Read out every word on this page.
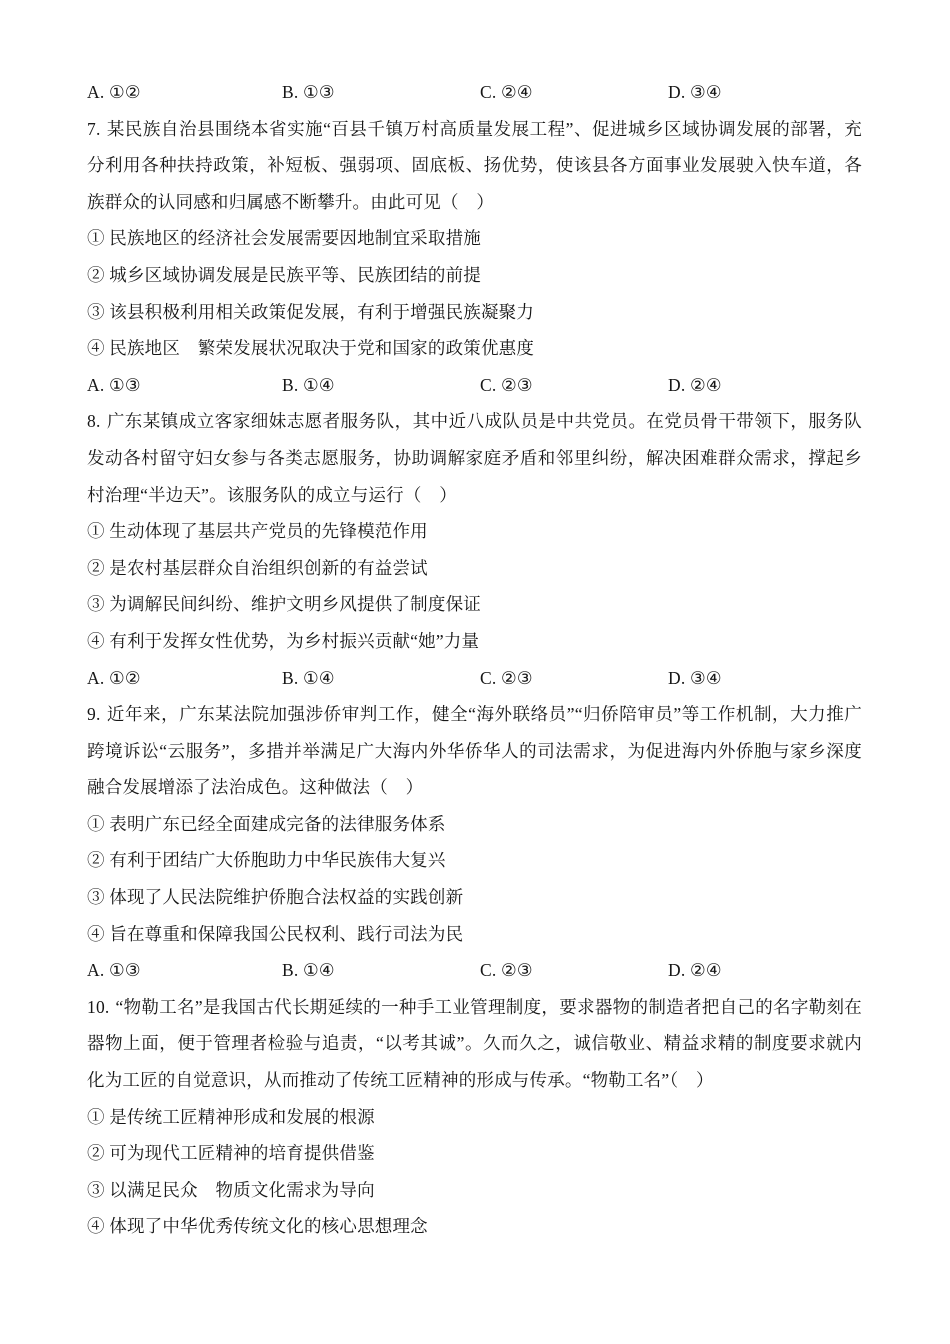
A. ①②	B. ①③	C. ②④	D. ③④

7. 某民族自治县围绕本省实施“百县千镇万村高质量发展工程”、促进城乡区域协调发展的部署，充分利用各种扶持政策，补短板、强弱项、固底板、扬优势，使该县各方面事业发展驶入快车道，各族群众的认同感和归属感不断攀升。由此可见（　）

① 民族地区的经济社会发展需要因地制宜采取措施

② 城乡区域协调发展是民族平等、民族团结的前提

③ 该县积极利用相关政策促发展，有利于增强民族凝聚力

④ 民族地区　繁荣发展状况取决于党和国家的政策优惠度

A. ①③	B. ①④	C. ②③	D. ②④

8. 广东某镇成立客家细妹志愿者服务队，其中近八成队员是中共党员。在党员骨干带领下，服务队发动各村留守妇女参与各类志愿服务，协助调解家庭矛盾和邻里纠纷，解决困难群众需求，撑起乡村治理“半边天”。该服务队的成立与运行（　）

① 生动体现了基层共产党员的先锋模范作用

② 是农村基层群众自治组织创新的有益尝试

③ 为调解民间纠纷、维护文明乡风提供了制度保证

④ 有利于发挥女性优势，为乡村振兴贡献“她”力量

A. ①②	B. ①④	C. ②③	D. ③④

9. 近年来，广东某法院加强涉侨审判工作，健全“海外联络员”“归侨陪审员”等工作机制，大力推广跨境诉讼“云服务”，多措并举满足广大海内外华侨华人的司法需求，为促进海内外侨胞与家乡深度融合发展增添了法治成色。这种做法（　）

① 表明广东已经全面建成完备的法律服务体系

② 有利于团结广大侨胞助力中华民族伟大复兴

③ 体现了人民法院维护侨胞合法权益的实践创新

④ 旨在尊重和保障我国公民权利、践行司法为民

A. ①③	B. ①④	C. ②③	D. ②④

10. “物勒工名”是我国古代长期延续的一种手工业管理制度，要求器物的制造者把自己的名字勒刻在器物上面，便于管理者检验与追责，“以考其诚”。久而久之，诚信敬业、精益求精的制度要求就内化为工匠的自觉意识，从而推动了传统工匠精神的形成与传承。“物勒工名”（　）

① 是传统工匠精神形成和发展的根源

② 可为现代工匠精神的培育提供借鉴

③ 以满足民众　物质文化需求为导向

④ 体现了中华优秀传统文化的核心思想理念
